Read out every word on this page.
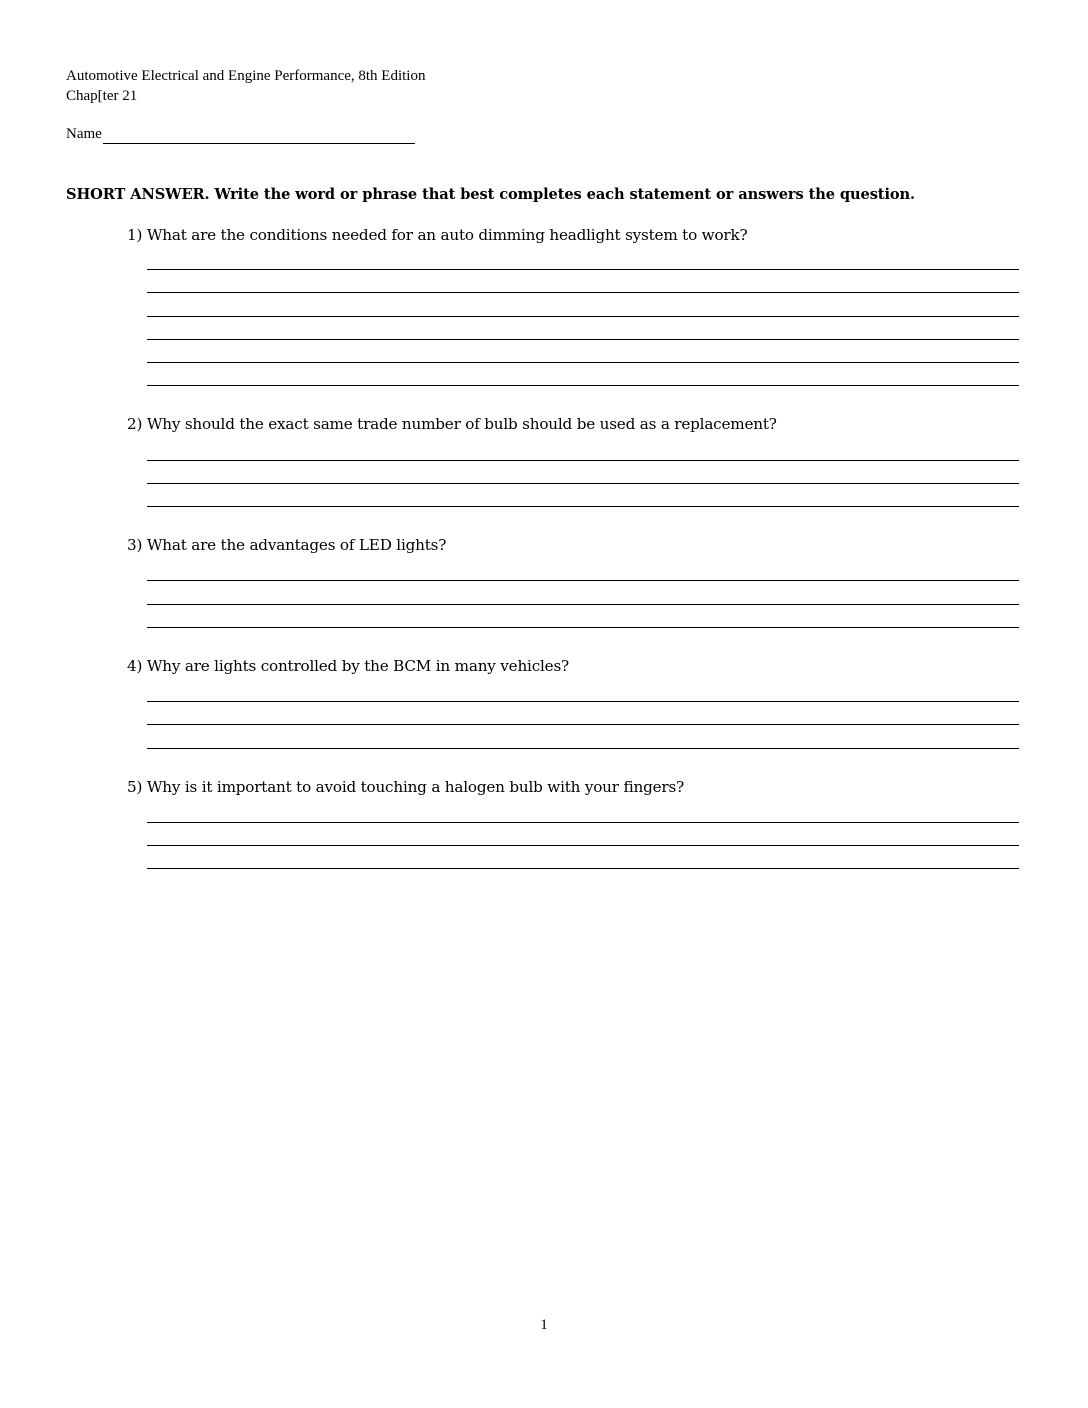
Automotive Electrical and Engine Performance, 8th Edition
Chap[ter 21
Name
SHORT ANSWER. Write the word or phrase that best completes each statement or answers the question.
1) What are the conditions needed for an auto dimming headlight system to work?
2) Why should the exact same trade number of bulb should be used as a replacement?
3) What are the advantages of LED lights?
4) Why are lights controlled by the BCM in many vehicles?
5) Why is it important to avoid touching a halogen bulb with your fingers?
1
